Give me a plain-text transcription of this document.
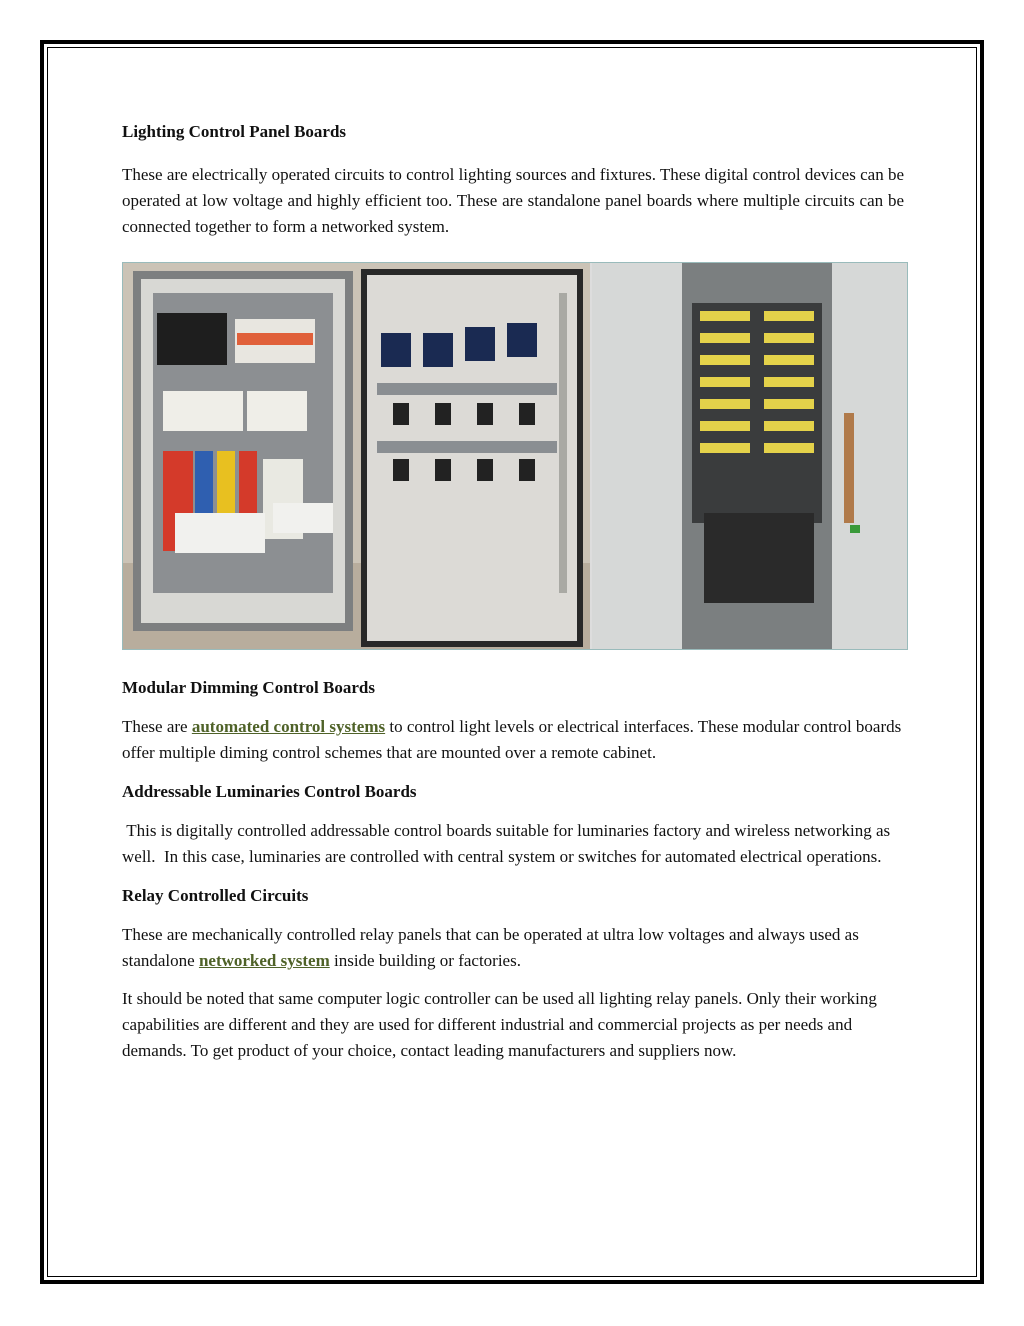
Lighting Control Panel Boards

These are electrically operated circuits to control lighting sources and fixtures. These digital control devices can be operated at low voltage and highly efficient too. These are standalone panel boards where multiple circuits can be connected together to form a networked system.

Modular Dimming Control Boards

These are automated control systems to control light levels or electrical interfaces. These modular control boards offer multiple diming control schemes that are mounted over a remote cabinet.

Addressable Luminaries Control Boards

This is digitally controlled addressable control boards suitable for luminaries factory and wireless networking as well.  In this case, luminaries are controlled with central system or switches for automated electrical operations.

Relay Controlled Circuits

These are mechanically controlled relay panels that can be operated at ultra low voltages and always used as standalone networked system inside building or factories.

It should be noted that same computer logic controller can be used all lighting relay panels. Only their working capabilities are different and they are used for different industrial and commercial projects as per needs and demands. To get product of your choice, contact leading manufacturers and suppliers now.
